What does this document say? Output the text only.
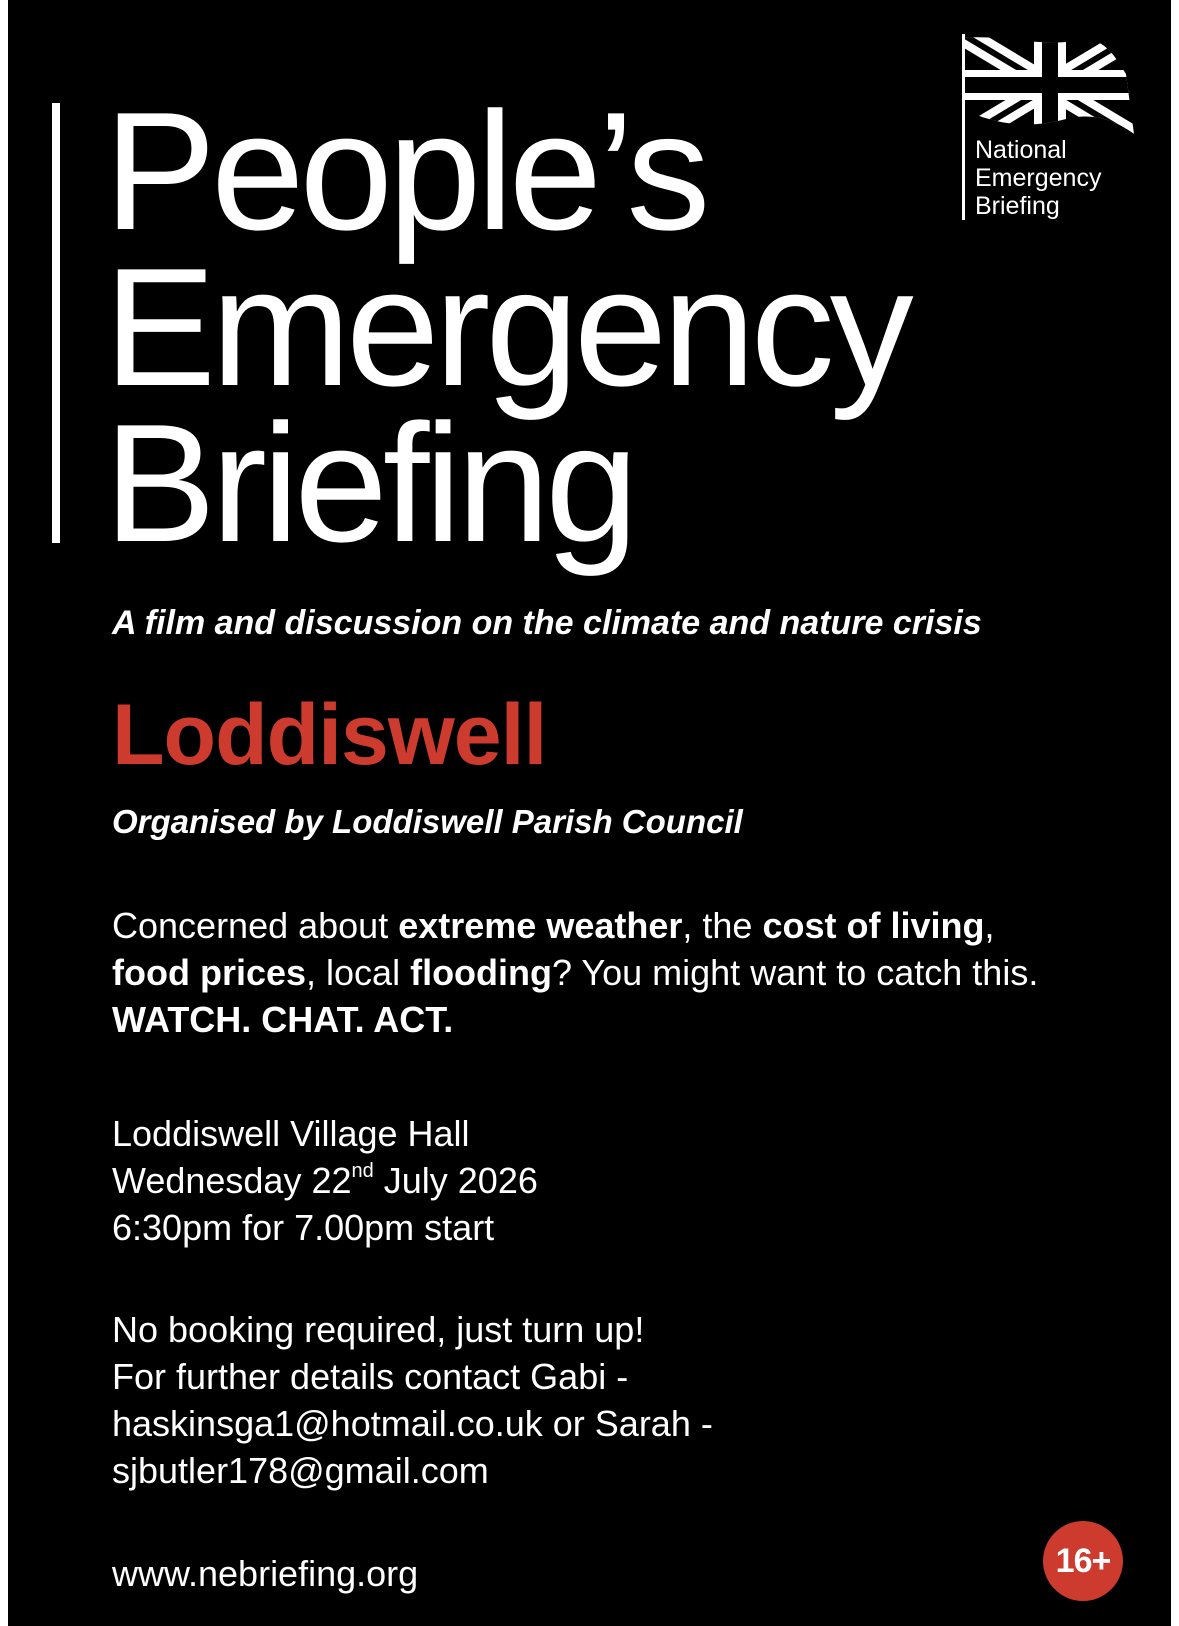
People’s
Emergency
Briefing
National
Emergency
Briefing
A film and discussion on the climate and nature crisis
Loddiswell
Organised by Loddiswell Parish Council
Concerned about extreme weather, the cost of living,
food prices, local flooding? You might want to catch this.
WATCH. CHAT. ACT.
Loddiswell Village Hall
Wednesday 22nd July 2026
6:30pm for 7.00pm start
No booking required, just turn up!
For further details contact Gabi -
haskinsga1@hotmail.co.uk or Sarah -
sjbutler178@gmail.com
www.nebriefing.org	16+
